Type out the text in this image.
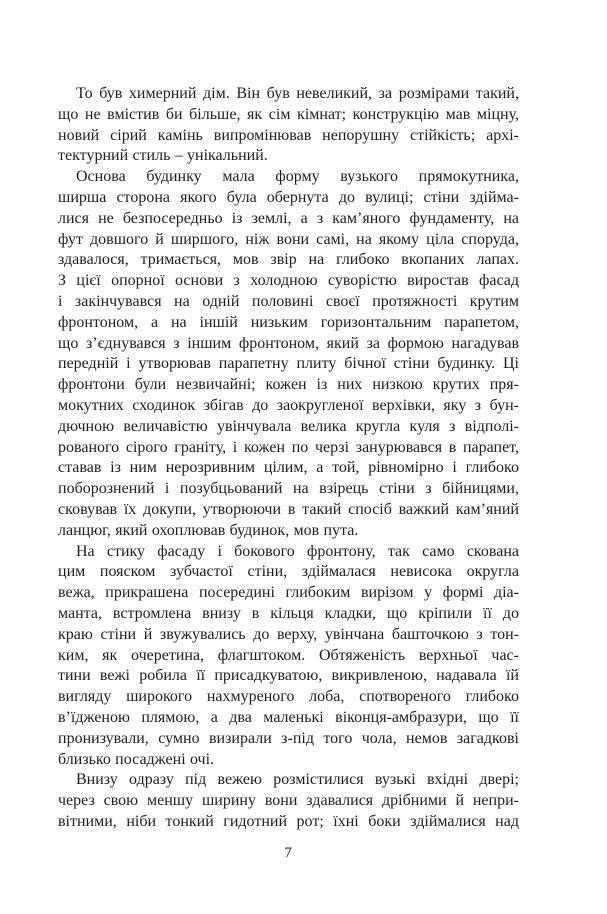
То був химерний дім. Він був невеликий, за розмірами такий,
що не вмістив би більше, як сім кімнат; конструкцію мав міцну,
новий сірий камінь випромінював непорушну стійкість; архі-
тектурний стиль – унікальний.
Основа будинку мала форму вузького прямокутника,
ширша сторона якого була обернута до вулиці; стіни здійма-
лися не безпосередньо із землі, а з кам’яного фундаменту, на
фут довшого й ширшого, ніж вони самі, на якому ціла споруда,
здавалося, тримається, мов звір на глибоко вкопаних лапах.
З цієї опорної основи з холодною суворістю виростав фасад
і закінчувався на одній половині своєї протяжності крутим
фронтоном, а на іншій низьким горизонтальним парапетом,
що з’єднувався з іншим фронтоном, який за формою нагадував
передній і утворював парапетну плиту бічної стіни будинку. Ці
фронтони були незвичайні; кожен із них низкою крутих пря-
мокутних сходинок збігав до заокругленої верхівки, яку з бун-
дючною величавістю увінчувала велика кругла куля з відполі-
рованого сірого граніту, і кожен по черзі занурювався в парапет,
ставав із ним нерозривним цілим, а той, рівномірно і глибоко
поборознений і позубцьований на взірець стіни з бійницями,
сковував їх докупи, утворюючи в такий спосіб важкий кам’яний
ланцюг, який охоплював будинок, мов пута.
На стику фасаду і бокового фронтону, так само скована
цим пояском зубчастої стіни, здіймалася невисока округла
вежа, прикрашена посередині глибоким вирізом у формі діа-
манта, встромлена внизу в кільця кладки, що кріпили її до
краю стіни й звужувались до верху, увінчана башточкою з тон-
ким, як очеретина, флагштоком. Обтяженість верхньої час-
тини вежі робила її присадкуватою, викривленою, надавала їй
вигляду широкого нахмуреного лоба, спотвореного глибоко
в’їдженою плямою, а два маленькі віконця-амбразури, що її
пронизували, сумно визирали з-під того чола, немов загадкові
близько посаджені очі.
Внизу одразу під вежею розмістилися вузькі вхідні двері;
через свою меншу ширину вони здавалися дрібними й непри-
вітними, ніби тонкий гидотний рот; їхні боки здіймалися над
7
